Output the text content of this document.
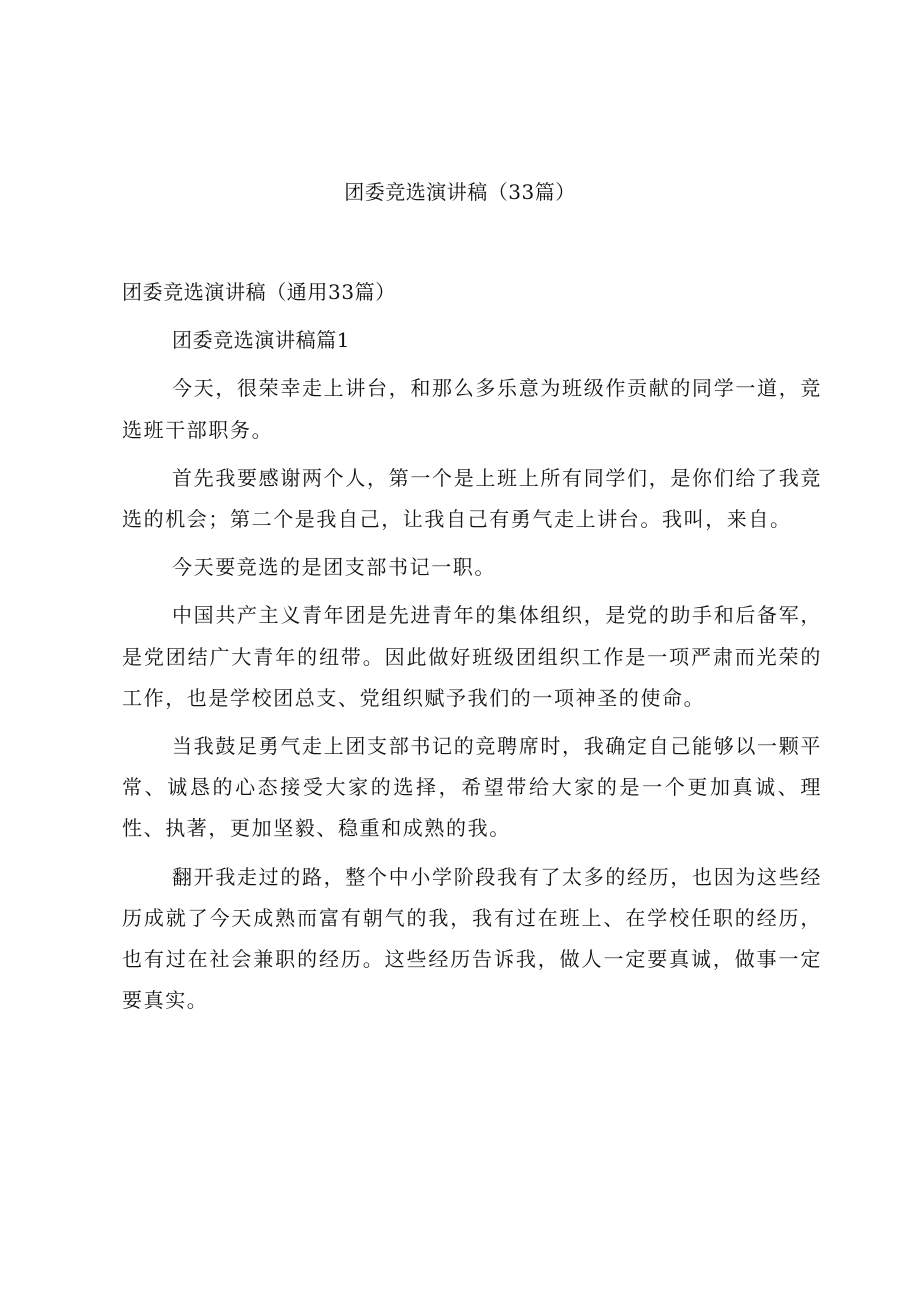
团委竞选演讲稿（33篇）

团委竞选演讲稿（通用33篇）

团委竞选演讲稿篇1

今天，很荣幸走上讲台，和那么多乐意为班级作贡献的同学一道，竞选班干部职务。

首先我要感谢两个人，第一个是上班上所有同学们，是你们给了我竞选的机会；第二个是我自己，让我自己有勇气走上讲台。我叫，来自。

今天要竞选的是团支部书记一职。

中国共产主义青年团是先进青年的集体组织，是党的助手和后备军，是党团结广大青年的纽带。因此做好班级团组织工作是一项严肃而光荣的工作，也是学校团总支、党组织赋予我们的一项神圣的使命。

当我鼓足勇气走上团支部书记的竞聘席时，我确定自己能够以一颗平常、诚恳的心态接受大家的选择，希望带给大家的是一个更加真诚、理性、执著，更加坚毅、稳重和成熟的我。

翻开我走过的路，整个中小学阶段我有了太多的经历，也因为这些经历成就了今天成熟而富有朝气的我，我有过在班上、在学校任职的经历，也有过在社会兼职的经历。这些经历告诉我，做人一定要真诚，做事一定要真实。
